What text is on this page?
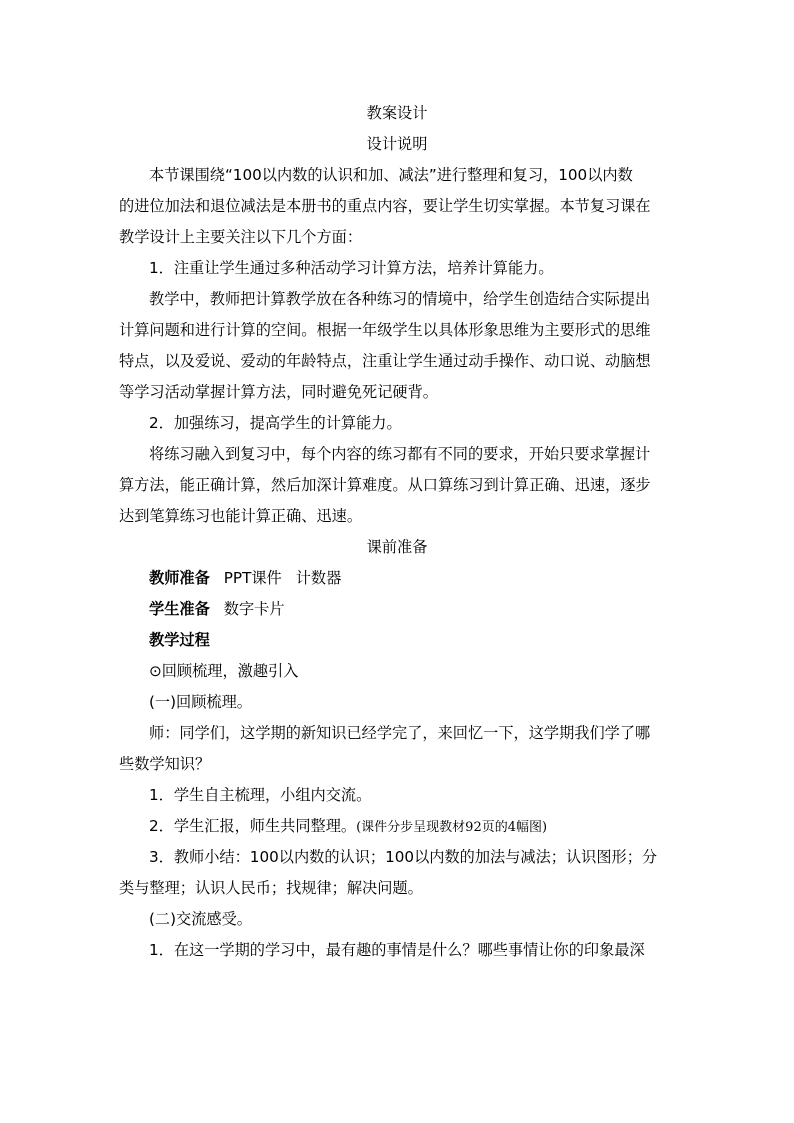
教案设计
设计说明
本节课围绕“100以内数的认识和加、减法”进行整理和复习，100以内数
的进位加法和退位减法是本册书的重点内容，要让学生切实掌握。本节复习课在
教学设计上主要关注以下几个方面：
1．注重让学生通过多种活动学习计算方法，培养计算能力。
教学中，教师把计算教学放在各种练习的情境中，给学生创造结合实际提出
计算问题和进行计算的空间。根据一年级学生以具体形象思维为主要形式的思维
特点，以及爱说、爱动的年龄特点，注重让学生通过动手操作、动口说、动脑想
等学习活动掌握计算方法，同时避免死记硬背。
2．加强练习，提高学生的计算能力。
将练习融入到复习中，每个内容的练习都有不同的要求，开始只要求掌握计
算方法，能正确计算，然后加深计算难度。从口算练习到计算正确、迅速，逐步
达到笔算练习也能计算正确、迅速。
课前准备
教师准备 PPT课件 计数器
学生准备 数字卡片
教学过程
⊙回顾梳理，激趣引入
(一)回顾梳理。
师：同学们，这学期的新知识已经学完了，来回忆一下，这学期我们学了哪
些数学知识？
1．学生自主梳理，小组内交流。
2．学生汇报，师生共同整理。(课件分步呈现教材92页的4幅图)
3．教师小结：100以内数的认识；100以内数的加法与减法；认识图形；分
类与整理；认识人民币；找规律；解决问题。
(二)交流感受。
1．在这一学期的学习中，最有趣的事情是什么？哪些事情让你的印象最深
